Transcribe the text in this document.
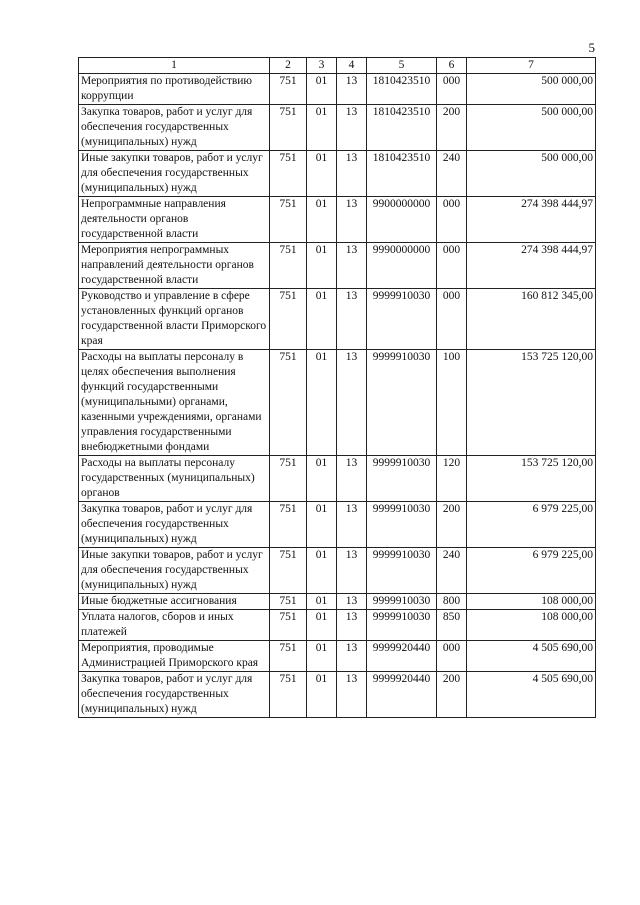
5
1	2	3	4	5	6	7
Мероприятия по противодействию коррупции	751	01	13	1810423510	000	500 000,00
Закупка товаров, работ и услуг для обеспечения государственных (муниципальных) нужд	751	01	13	1810423510	200	500 000,00
Иные закупки товаров, работ и услуг для обеспечения государственных (муниципальных) нужд	751	01	13	1810423510	240	500 000,00
Непрограммные направления деятельности органов государственной власти	751	01	13	9900000000	000	274 398 444,97
Мероприятия непрограммных направлений деятельности органов государственной власти	751	01	13	9990000000	000	274 398 444,97
Руководство и управление в сфере установленных функций органов государственной власти Приморского края	751	01	13	9999910030	000	160 812 345,00
Расходы на выплаты персоналу в целях обеспечения выполнения функций государственными (муниципальными) органами, казенными учреждениями, органами управления государственными внебюджетными фондами	751	01	13	9999910030	100	153 725 120,00
Расходы на выплаты персоналу государственных (муниципальных) органов	751	01	13	9999910030	120	153 725 120,00
Закупка товаров, работ и услуг для обеспечения государственных (муниципальных) нужд	751	01	13	9999910030	200	6 979 225,00
Иные закупки товаров, работ и услуг для обеспечения государственных (муниципальных) нужд	751	01	13	9999910030	240	6 979 225,00
Иные бюджетные ассигнования	751	01	13	9999910030	800	108 000,00
Уплата налогов, сборов и иных платежей	751	01	13	9999910030	850	108 000,00
Мероприятия, проводимые Администрацией Приморского края	751	01	13	9999920440	000	4 505 690,00
Закупка товаров, работ и услуг для обеспечения государственных (муниципальных) нужд	751	01	13	9999920440	200	4 505 690,00
